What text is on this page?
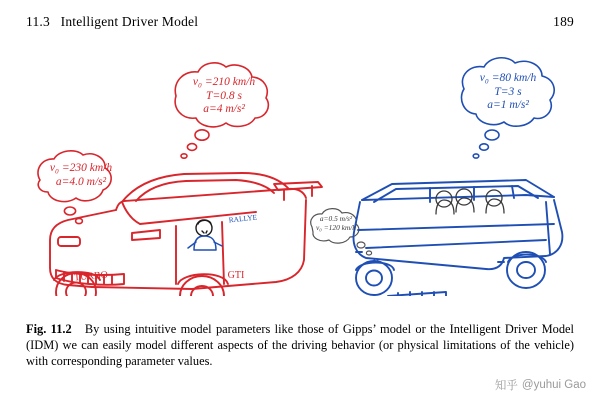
11.3   Intelligent Driver Model	189
v₀ =230 km/h
a=4.0 m/s²
v₀ =210 km/h
T=0.8 s
a=4 m/s²
v₀ =80 km/h
T=3 s
a=1 m/s²
a=0.5 m/s²
v₀ =120 km/h
RALLYE
TURBO	GTI
Fig. 11.2   By using intuitive model parameters like those of Gipps’ model or the Intelligent Driver Model (IDM) we can easily model different aspects of the driving behavior (or physical limitations of the vehicle) with corresponding parameter values.
知乎 @yuhui Gao
